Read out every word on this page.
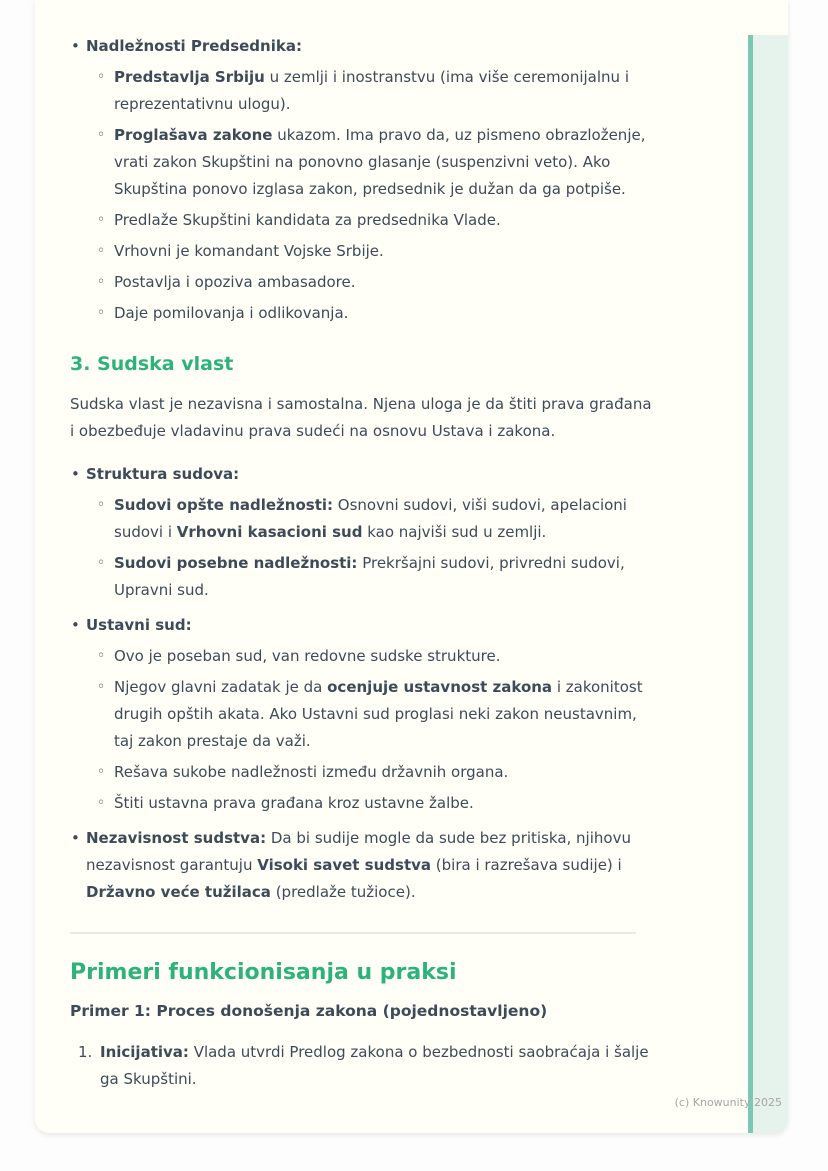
• Nadležnosti Predsednika:
◦ Predstavlja Srbiju u zemlji i inostranstvu (ima više ceremonijalnu i reprezentativnu ulogu).
◦ Proglašava zakone ukazom. Ima pravo da, uz pismeno obrazloženje, vrati zakon Skupštini na ponovno glasanje (suspenzivni veto). Ako Skupština ponovo izglasa zakon, predsednik je dužan da ga potpiše.
◦ Predlaže Skupštini kandidata za predsednika Vlade.
◦ Vrhovni je komandant Vojske Srbije.
◦ Postavlja i opoziva ambasadore.
◦ Daje pomilovanja i odlikovanja.
3. Sudska vlast

Sudska vlast je nezavisna i samostalna. Njena uloga je da štiti prava građana i obezbeđuje vladavinu prava sudeći na osnovu Ustava i zakona.

• Struktura sudova:
◦ Sudovi opšte nadležnosti: Osnovni sudovi, viši sudovi, apelacioni sudovi i Vrhovni kasacioni sud kao najviši sud u zemlji.
◦ Sudovi posebne nadležnosti: Prekršajni sudovi, privredni sudovi, Upravni sud.
• Ustavni sud:
◦ Ovo je poseban sud, van redovne sudske strukture.
◦ Njegov glavni zadatak je da ocenjuje ustavnost zakona i zakonitost drugih opštih akata. Ako Ustavni sud proglasi neki zakon neustavnim, taj zakon prestaje da važi.
◦ Rešava sukobe nadležnosti između državnih organa.
◦ Štiti ustavna prava građana kroz ustavne žalbe.
• Nezavisnost sudstva: Da bi sudije mogle da sude bez pritiska, njihovu nezavisnost garantuju Visoki savet sudstva (bira i razrešava sudije) i Državno veće tužilaca (predlaže tužioce).
Primeri funkcionisanja u praksi
Primer 1: Proces donošenja zakona (pojednostavljeno)
Inicijativa: Vlada utvrdi Predlog zakona o bezbednosti saobraćaja i šalje ga Skupštini.
(c) Knowunity 2025
